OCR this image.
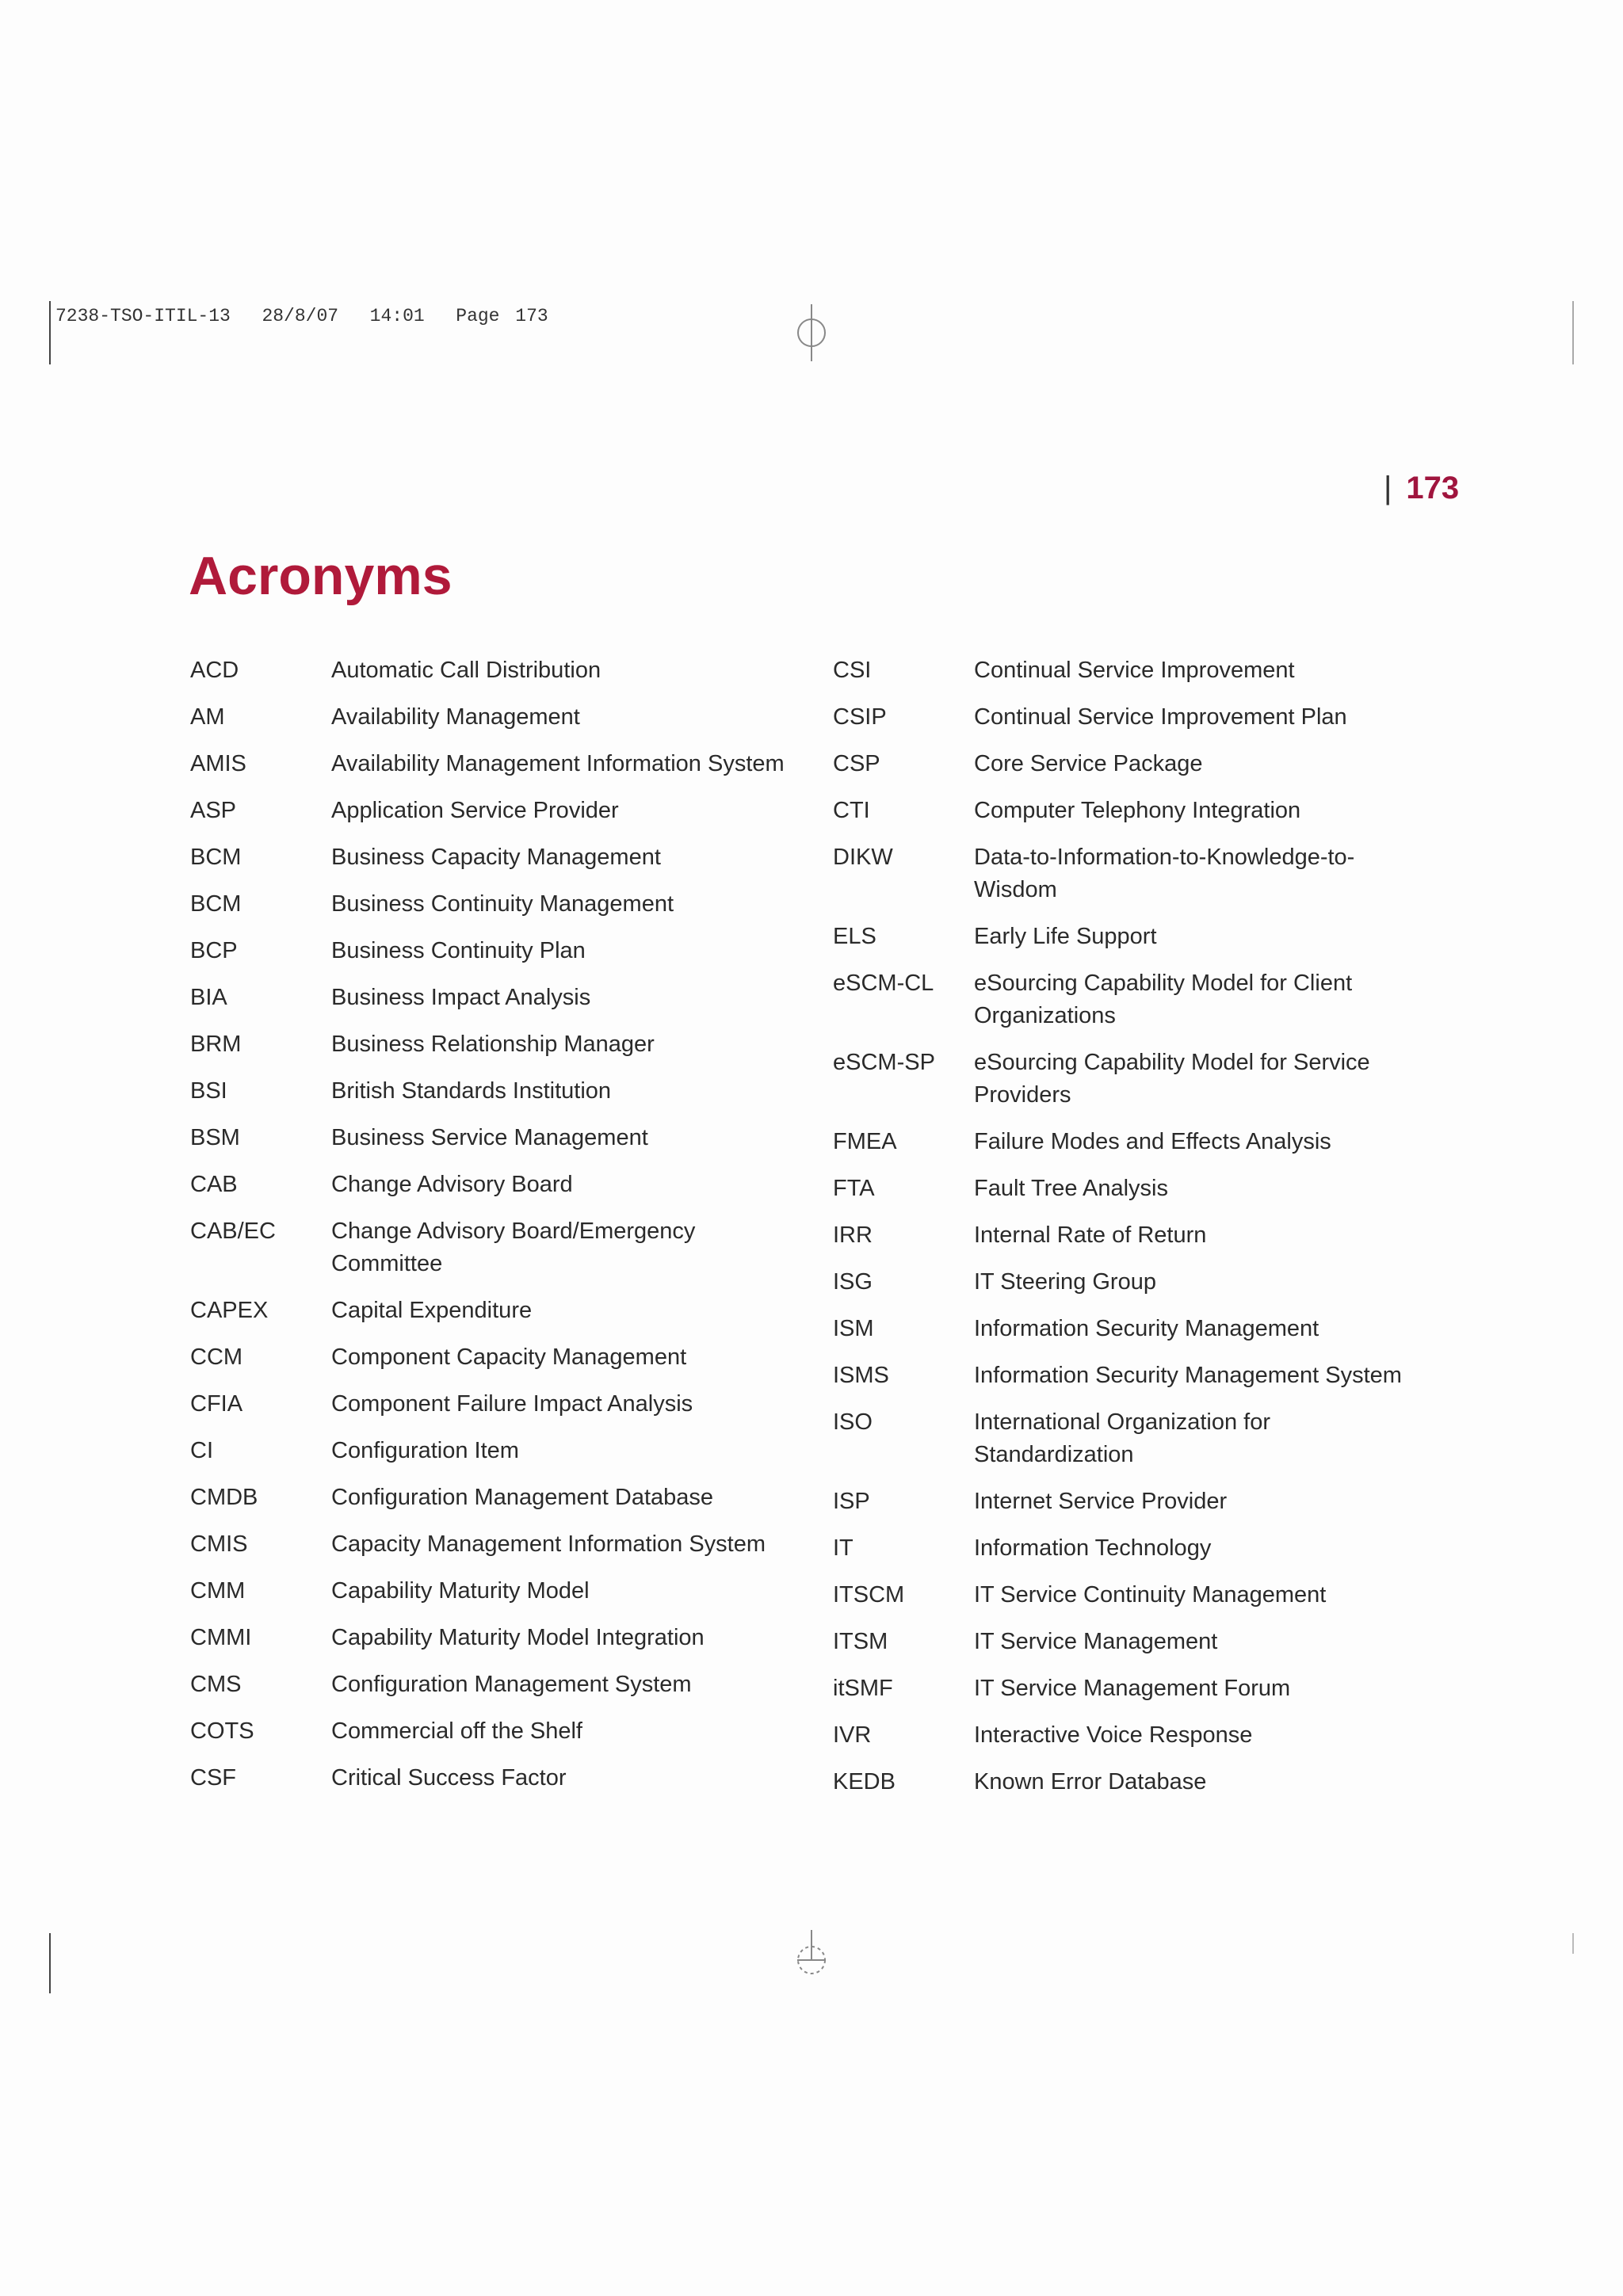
7238-TSO-ITIL-13  28/8/07  14:01  Page 173
| 173
Acronyms
ACD	Automatic Call Distribution
AM	Availability Management
AMIS	Availability Management Information System
ASP	Application Service Provider
BCM	Business Capacity Management
BCM	Business Continuity Management
BCP	Business Continuity Plan
BIA	Business Impact Analysis
BRM	Business Relationship Manager
BSI	British Standards Institution
BSM	Business Service Management
CAB	Change Advisory Board
CAB/EC	Change Advisory Board/Emergency Committee
CAPEX	Capital Expenditure
CCM	Component Capacity Management
CFIA	Component Failure Impact Analysis
CI	Configuration Item
CMDB	Configuration Management Database
CMIS	Capacity Management Information System
CMM	Capability Maturity Model
CMMI	Capability Maturity Model Integration
CMS	Configuration Management System
COTS	Commercial off the Shelf
CSF	Critical Success Factor
CSI	Continual Service Improvement
CSIP	Continual Service Improvement Plan
CSP	Core Service Package
CTI	Computer Telephony Integration
DIKW	Data-to-Information-to-Knowledge-to-Wisdom
ELS	Early Life Support
eSCM-CL	eSourcing Capability Model for Client Organizations
eSCM-SP	eSourcing Capability Model for Service Providers
FMEA	Failure Modes and Effects Analysis
FTA	Fault Tree Analysis
IRR	Internal Rate of Return
ISG	IT Steering Group
ISM	Information Security Management
ISMS	Information Security Management System
ISO	International Organization for Standardization
ISP	Internet Service Provider
IT	Information Technology
ITSCM	IT Service Continuity Management
ITSM	IT Service Management
itSMF	IT Service Management Forum
IVR	Interactive Voice Response
KEDB	Known Error Database
